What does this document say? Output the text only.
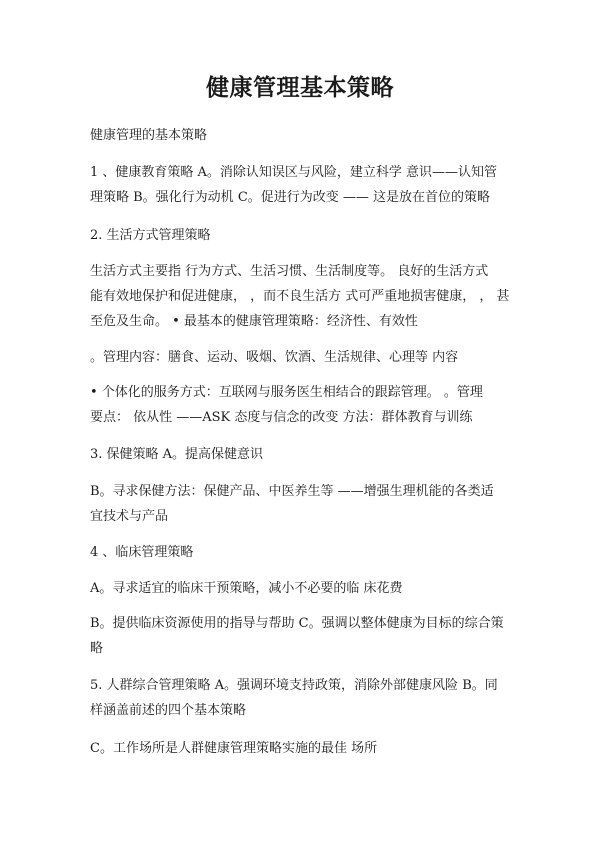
健康管理基本策略
健康管理的基本策略
1 、健康教育策略 A。消除认知误区与风险，建立科学 意识——认知管
理策略 B。强化行为动机 C。促进行为改变 —— 这是放在首位的策略
2. 生活方式管理策略
生活方式主要指 行为方式、生活习惯、生活制度等。 良好的生活方式
能有效地保护和促进健康， ，而不良生活方 式可严重地损害健康， ， 甚
至危及生命。 • 最基本的健康管理策略：经济性、有效性
。管理内容：膳食、运动、吸烟、饮酒、生活规律、心理等 内容
• 个体化的服务方式：互联网与服务医生相结合的跟踪管理。 。管理
要点： 依从性 ——ASK 态度与信念的改变 方法：群体教育与训练
3. 保健策略 A。提高保健意识
B。寻求保健方法：保健产品、中医养生等 ——增强生理机能的各类适
宜技术与产品
4 、临床管理策略
A。寻求适宜的临床干预策略，减小不必要的临 床花费
B。提供临床资源使用的指导与帮助 C。强调以整体健康为目标的综合策
略
5. 人群综合管理策略 A。强调环境支持政策，消除外部健康风险 B。同
样涵盖前述的四个基本策略
C。工作场所是人群健康管理策略实施的最佳 场所
